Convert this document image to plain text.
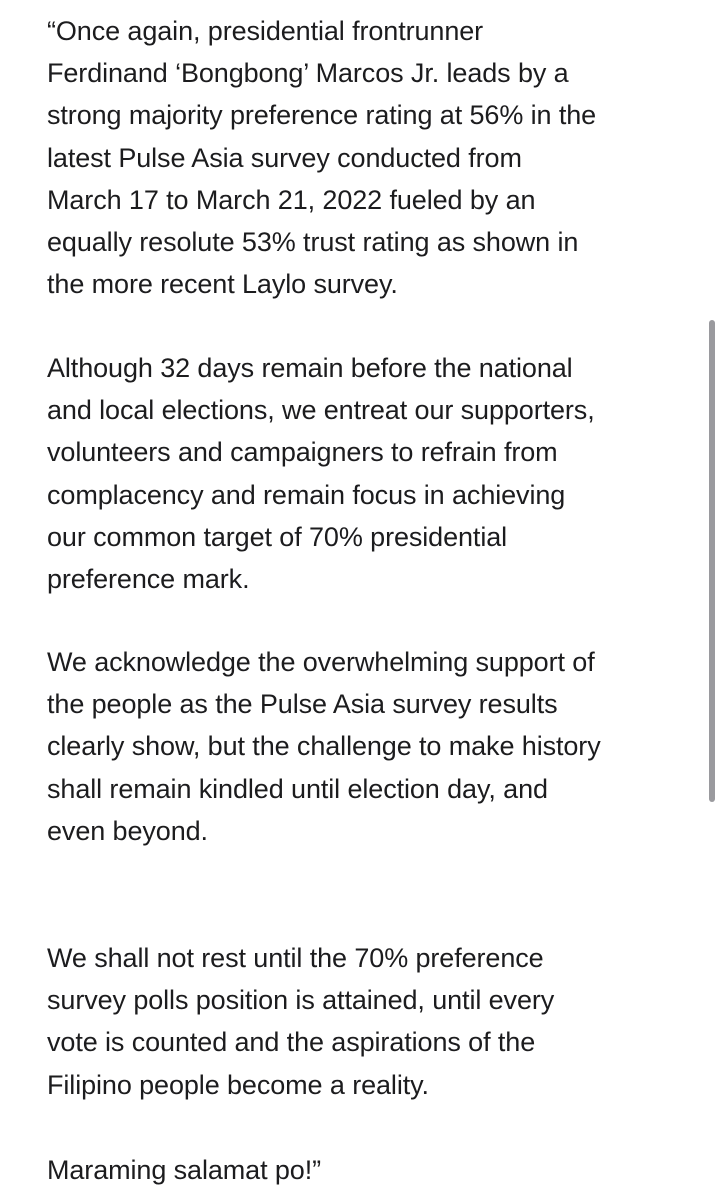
“Once again, presidential frontrunner
Ferdinand ‘Bongbong’ Marcos Jr. leads by a
strong majority preference rating at 56% in the
latest Pulse Asia survey conducted from
March 17 to March 21, 2022 fueled by an
equally resolute 53% trust rating as shown in
the more recent Laylo survey.

Although 32 days remain before the national
and local elections, we entreat our supporters,
volunteers and campaigners to refrain from
complacency and remain focus in achieving
our common target of 70% presidential
preference mark.

We acknowledge the overwhelming support of
the people as the Pulse Asia survey results
clearly show, but the challenge to make history
shall remain kindled until election day, and
even beyond.

We shall not rest until the 70% preference
survey polls position is attained, until every
vote is counted and the aspirations of the
Filipino people become a reality.

Maraming salamat po!”
